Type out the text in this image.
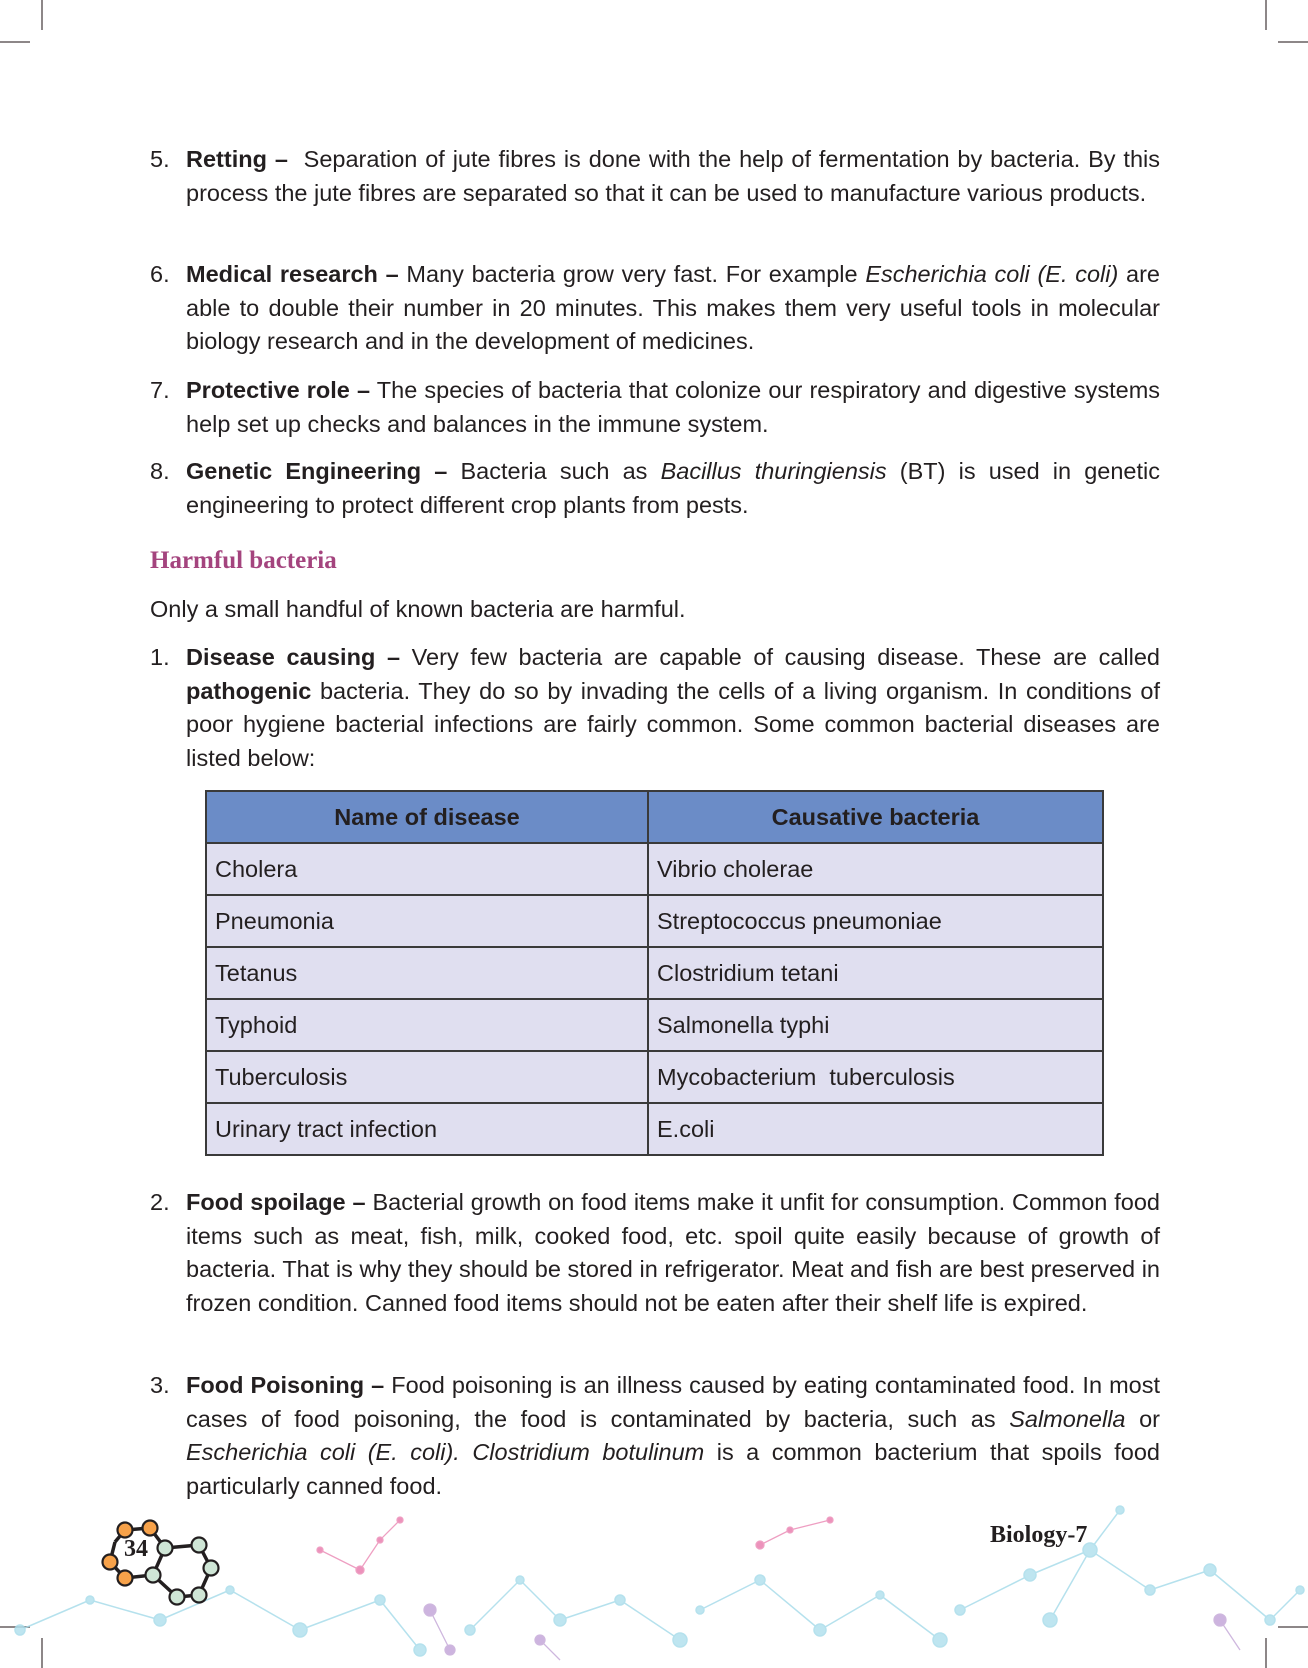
34
Biology-7
5. Retting – Separation of jute fibres is done with the help of fermentation by bacteria. By this process the jute fibres are separated so that it can be used to manufacture various products.
6. Medical research – Many bacteria grow very fast. For example Escherichia coli (E. coli) are able to double their number in 20 minutes. This makes them very useful tools in molecular biology research and in the development of medicines.
7. Protective role – The species of bacteria that colonize our respiratory and digestive systems help set up checks and balances in the immune system.
8. Genetic Engineering – Bacteria such as Bacillus thuringiensis (BT) is used in genetic engineering to protect different crop plants from pests.
Harmful bacteria
Only a small handful of known bacteria are harmful.
1. Disease causing – Very few bacteria are capable of causing disease. These are called pathogenic bacteria. They do so by invading the cells of a living organism. In conditions of poor hygiene bacterial infections are fairly common. Some common bacterial diseases are listed below:
2. Food spoilage – Bacterial growth on food items make it unfit for consumption. Common food items such as meat, fish, milk, cooked food, etc. spoil quite easily because of growth of bacteria. That is why they should be stored in refrigerator. Meat and fish are best preserved in frozen condition. Canned food items should not be eaten after their shelf life is expired.
3. Food Poisoning – Food poisoning is an illness caused by eating contaminated food. In most cases of food poisoning, the food is contaminated by bacteria, such as Salmonella or Escherichia coli (E. coli). Clostridium botulinum is a common bacterium that spoils food particularly canned food.
Name of disease	Causative bacteria
Cholera	Vibrio cholerae
Pneumonia	Streptococcus pneumoniae
Tetanus	Clostridium tetani
Typhoid	Salmonella typhi
Tuberculosis	Mycobacterium  tuberculosis
Urinary tract infection	E.coli
